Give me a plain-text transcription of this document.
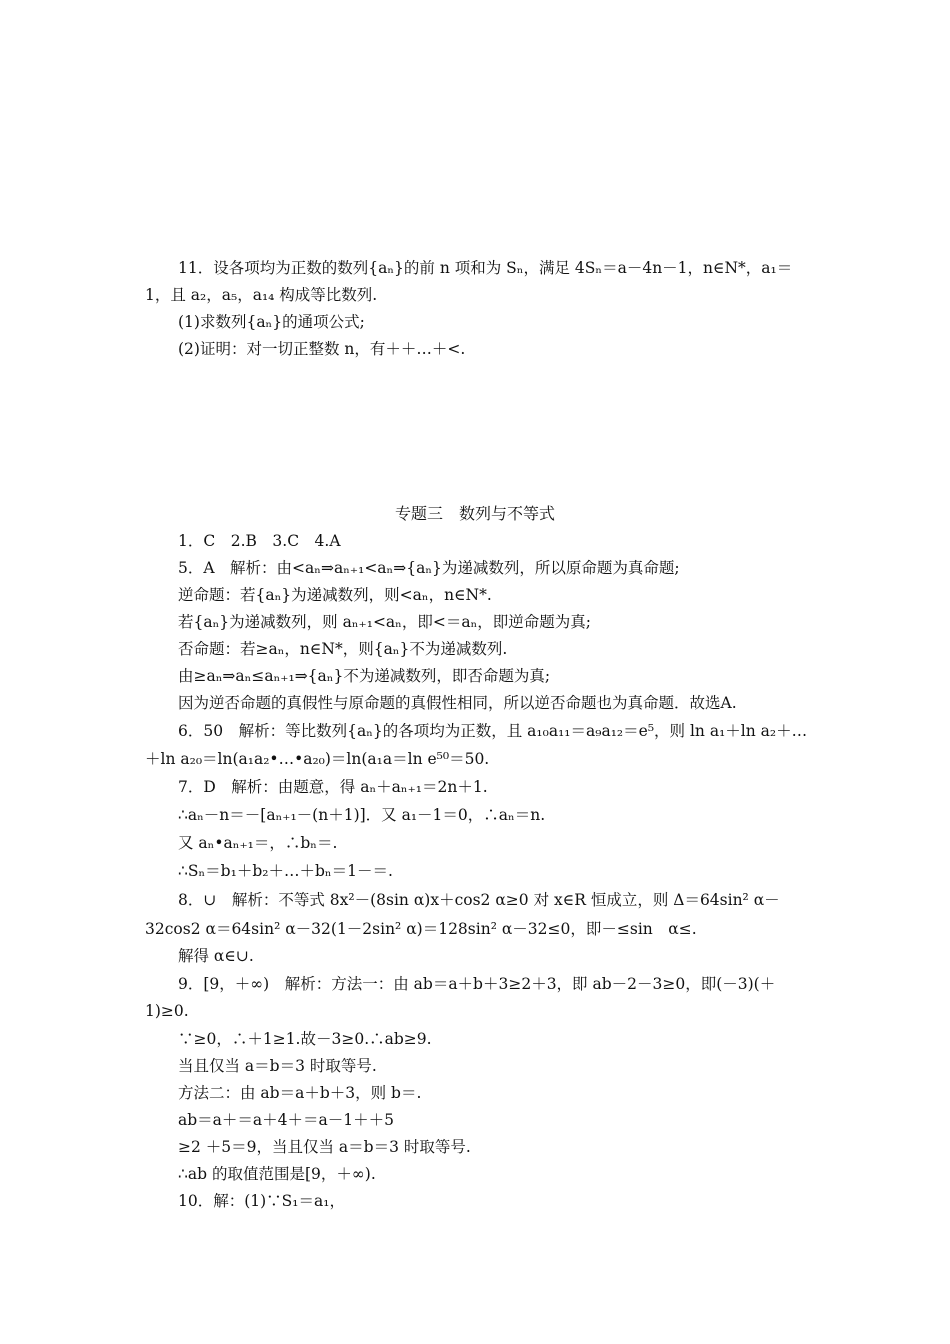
11．设各项均为正数的数列{aₙ}的前 n 项和为 Sₙ，满足 4Sₙ＝a－4n－1，n∈N*，a₁＝
1，且 a₂，a₅，a₁₄ 构成等比数列.
(1)求数列{aₙ}的通项公式;
(2)证明：对一切正整数 n，有＋＋…＋<.
专题三　数列与不等式
1．C　2.B　3.C　4.A
5．A　解析：由<aₙ⇒aₙ₊₁<aₙ⇒{aₙ}为递减数列，所以原命题为真命题;
逆命题：若{aₙ}为递减数列，则<aₙ，n∈N*.
若{aₙ}为递减数列，则 aₙ₊₁<aₙ，即<＝aₙ，即逆命题为真;
否命题：若≥aₙ，n∈N*，则{aₙ}不为递减数列.
由≥aₙ⇒aₙ≤aₙ₊₁⇒{aₙ}不为递减数列，即否命题为真;
因为逆否命题的真假性与原命题的真假性相同，所以逆否命题也为真命题．故选A.
6．50　解析：等比数列{aₙ}的各项均为正数，且 a₁₀a₁₁＝a₉a₁₂＝e⁵，则 ln a₁＋ln a₂＋…
＋ln a₂₀＝ln(a₁a₂•…•a₂₀)＝ln(a₁a＝ln e⁵⁰＝50.
7．D　解析：由题意，得 aₙ＋aₙ₊₁＝2n＋1.
∴aₙ－n＝－[aₙ₊₁－(n＋1)]．又 a₁－1＝0，∴aₙ＝n.
又 aₙ•aₙ₊₁＝，∴bₙ＝.
∴Sₙ＝b₁＋b₂＋…＋bₙ＝1－＝.
8．∪　解析：不等式 8x²－(8sin α)x＋cos2 α≥0 对 x∈R 恒成立，则 Δ＝64sin² α－
32cos2 α＝64sin² α－32(1－2sin² α)＝128sin² α－32≤0，即－≤sin　α≤.
解得 α∈∪.
9．[9，＋∞)　解析：方法一：由 ab＝a＋b＋3≥2＋3，即 ab－2－3≥0，即(－3)(＋
1)≥0.
∵≥0，∴＋1≥1.故－3≥0.∴ab≥9.
当且仅当 a＝b＝3 时取等号.
方法二：由 ab＝a＋b＋3，则 b＝.
ab＝a＋＝a＋4＋＝a－1＋＋5
≥2 ＋5＝9，当且仅当 a＝b＝3 时取等号.
∴ab 的取值范围是[9，＋∞).
10．解：(1)∵S₁＝a₁，
